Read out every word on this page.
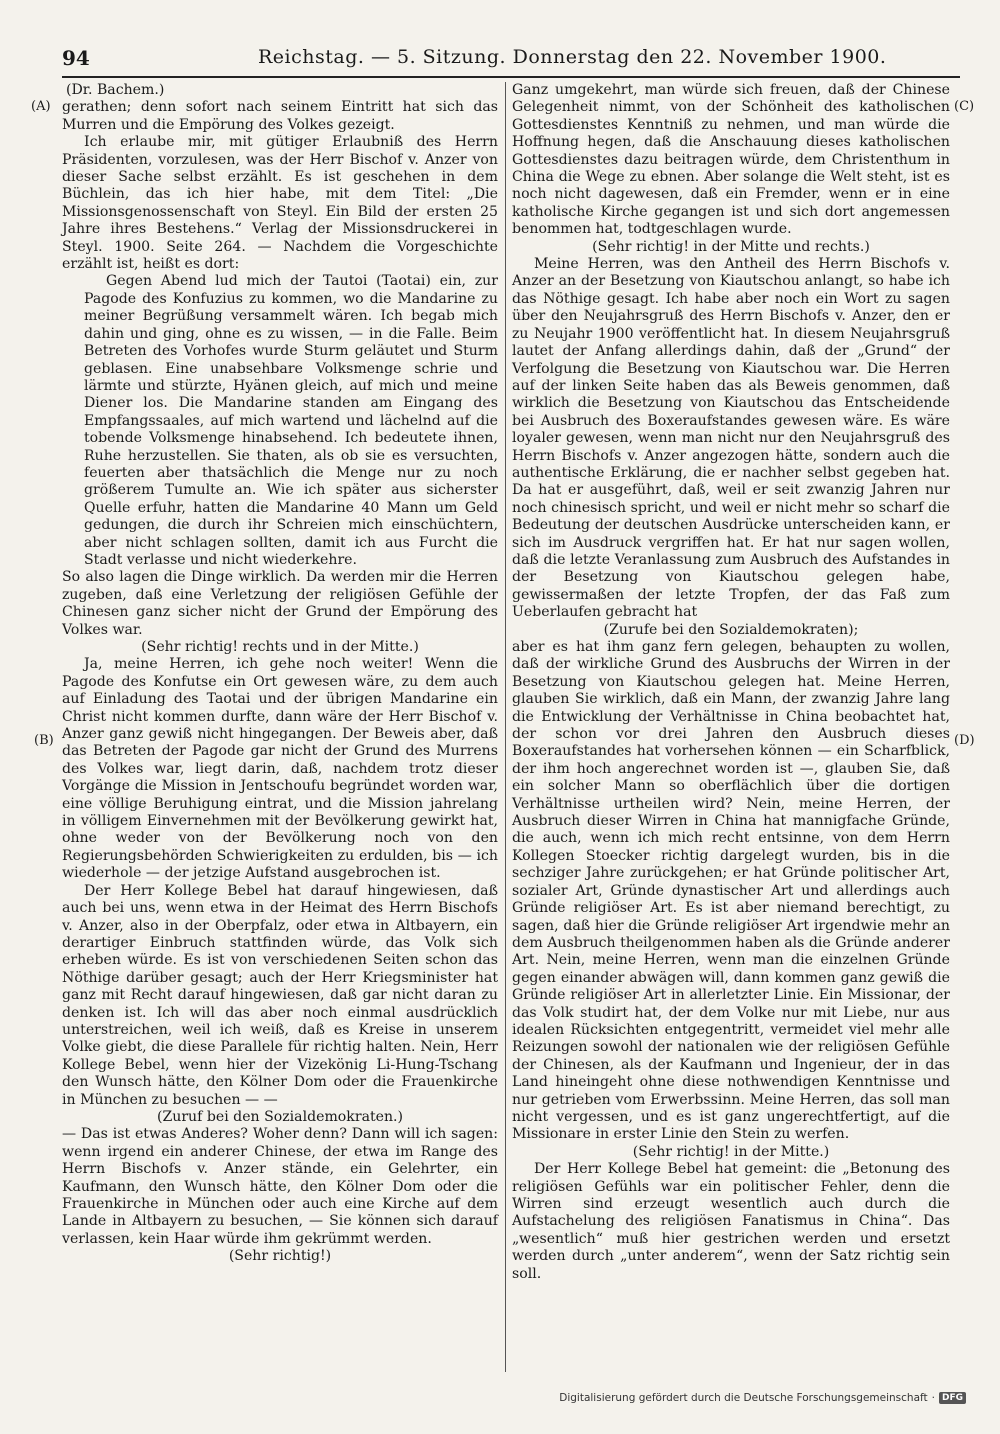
94	Reichstag. — 5. Sitzung. Donnerstag den 22. November 1900.
(A)
(B)
(C)
(D)

(Dr. Bachem.)

gerathen; denn sofort nach seinem Eintritt hat sich das Murren und die Empörung des Volkes gezeigt.

Ich erlaube mir, mit gütiger Erlaubniß des Herrn Präsidenten, vorzulesen, was der Herr Bischof v. Anzer von dieser Sache selbst erzählt. Es ist geschehen in dem Büchlein, das ich hier habe, mit dem Titel: „Die Missionsgenossenschaft von Steyl. Ein Bild der ersten 25 Jahre ihres Bestehens.“ Verlag der Missionsdruckerei in Steyl. 1900. Seite 264. — Nachdem die Vorgeschichte erzählt ist, heißt es dort:

Gegen Abend lud mich der Tautoi (Taotai) ein, zur Pagode des Konfuzius zu kommen, wo die Mandarine zu meiner Begrüßung versammelt wären. Ich begab mich dahin und ging, ohne es zu wissen, — in die Falle. Beim Betreten des Vorhofes wurde Sturm geläutet und Sturm geblasen. Eine unabsehbare Volksmenge schrie und lärmte und stürzte, Hyänen gleich, auf mich und meine Diener los. Die Mandarine standen am Eingang des Empfangssaales, auf mich wartend und lächelnd auf die tobende Volksmenge hinabsehend. Ich bedeutete ihnen, Ruhe herzustellen. Sie thaten, als ob sie es versuchten, feuerten aber thatsächlich die Menge nur zu noch größerem Tumulte an. Wie ich später aus sicherster Quelle erfuhr, hatten die Mandarine 40 Mann um Geld gedungen, die durch ihr Schreien mich einschüchtern, aber nicht schlagen sollten, damit ich aus Furcht die Stadt verlasse und nicht wiederkehre.

So also lagen die Dinge wirklich. Da werden mir die Herren zugeben, daß eine Verletzung der religiösen Gefühle der Chinesen ganz sicher nicht der Grund der Empörung des Volkes war.

(Sehr richtig! rechts und in der Mitte.)

Ja, meine Herren, ich gehe noch weiter! Wenn die Pagode des Konfutse ein Ort gewesen wäre, zu dem auch auf Einladung des Taotai und der übrigen Mandarine ein Christ nicht kommen durfte, dann wäre der Herr Bischof v. Anzer ganz gewiß nicht hingegangen. Der Beweis aber, daß das Betreten der Pagode gar nicht der Grund des Murrens des Volkes war, liegt darin, daß, nachdem trotz dieser Vorgänge die Mission in Jentschoufu begründet worden war, eine völlige Beruhigung eintrat, und die Mission jahrelang in völligem Einvernehmen mit der Bevölkerung gewirkt hat, ohne weder von der Bevölkerung noch von den Regierungsbehörden Schwierigkeiten zu erdulden, bis — ich wiederhole — der jetzige Aufstand ausgebrochen ist.

Der Herr Kollege Bebel hat darauf hingewiesen, daß auch bei uns, wenn etwa in der Heimat des Herrn Bischofs v. Anzer, also in der Oberpfalz, oder etwa in Altbayern, ein derartiger Einbruch stattfinden würde, das Volk sich erheben würde. Es ist von verschiedenen Seiten schon das Nöthige darüber gesagt; auch der Herr Kriegsminister hat ganz mit Recht darauf hingewiesen, daß gar nicht daran zu denken ist. Ich will das aber noch einmal ausdrücklich unterstreichen, weil ich weiß, daß es Kreise in unserem Volke giebt, die diese Parallele für richtig halten. Nein, Herr Kollege Bebel, wenn hier der Vizekönig Li-Hung-Tschang den Wunsch hätte, den Kölner Dom oder die Frauenkirche in München zu besuchen — —

(Zuruf bei den Sozialdemokraten.)

— Das ist etwas Anderes? Woher denn? Dann will ich sagen: wenn irgend ein anderer Chinese, der etwa im Range des Herrn Bischofs v. Anzer stände, ein Gelehrter, ein Kaufmann, den Wunsch hätte, den Kölner Dom oder die Frauenkirche in München oder auch eine Kirche auf dem Lande in Altbayern zu besuchen, — Sie können sich darauf verlassen, kein Haar würde ihm gekrümmt werden.

(Sehr richtig!)

Ganz umgekehrt, man würde sich freuen, daß der Chinese Gelegenheit nimmt, von der Schönheit des katholischen Gottesdienstes Kenntniß zu nehmen, und man würde die Hoffnung hegen, daß die Anschauung dieses katholischen Gottesdienstes dazu beitragen würde, dem Christenthum in China die Wege zu ebnen. Aber solange die Welt steht, ist es noch nicht dagewesen, daß ein Fremder, wenn er in eine katholische Kirche gegangen ist und sich dort angemessen benommen hat, todtgeschlagen wurde.

(Sehr richtig! in der Mitte und rechts.)

Meine Herren, was den Antheil des Herrn Bischofs v. Anzer an der Besetzung von Kiautschou anlangt, so habe ich das Nöthige gesagt. Ich habe aber noch ein Wort zu sagen über den Neujahrsgruß des Herrn Bischofs v. Anzer, den er zu Neujahr 1900 veröffentlicht hat. In diesem Neujahrsgruß lautet der Anfang allerdings dahin, daß der „Grund“ der Verfolgung die Besetzung von Kiautschou war. Die Herren auf der linken Seite haben das als Beweis genommen, daß wirklich die Besetzung von Kiautschou das Entscheidende bei Ausbruch des Boxeraufstandes gewesen wäre. Es wäre loyaler gewesen, wenn man nicht nur den Neujahrsgruß des Herrn Bischofs v. Anzer angezogen hätte, sondern auch die authentische Erklärung, die er nachher selbst gegeben hat. Da hat er ausgeführt, daß, weil er seit zwanzig Jahren nur noch chinesisch spricht, und weil er nicht mehr so scharf die Bedeutung der deutschen Ausdrücke unterscheiden kann, er sich im Ausdruck vergriffen hat. Er hat nur sagen wollen, daß die letzte Veranlassung zum Ausbruch des Aufstandes in der Besetzung von Kiautschou gelegen habe, gewissermaßen der letzte Tropfen, der das Faß zum Ueberlaufen gebracht hat

(Zurufe bei den Sozialdemokraten);

aber es hat ihm ganz fern gelegen, behaupten zu wollen, daß der wirkliche Grund des Ausbruchs der Wirren in der Besetzung von Kiautschou gelegen hat. Meine Herren, glauben Sie wirklich, daß ein Mann, der zwanzig Jahre lang die Entwicklung der Verhältnisse in China beobachtet hat, der schon vor drei Jahren den Ausbruch dieses Boxeraufstandes hat vorhersehen können — ein Scharfblick, der ihm hoch angerechnet worden ist —, glauben Sie, daß ein solcher Mann so oberflächlich über die dortigen Verhältnisse urtheilen wird? Nein, meine Herren, der Ausbruch dieser Wirren in China hat mannigfache Gründe, die auch, wenn ich mich recht entsinne, von dem Herrn Kollegen Stoecker richtig dargelegt wurden, bis in die sechziger Jahre zurückgehen; er hat Gründe politischer Art, sozialer Art, Gründe dynastischer Art und allerdings auch Gründe religiöser Art. Es ist aber niemand berechtigt, zu sagen, daß hier die Gründe religiöser Art irgendwie mehr an dem Ausbruch theilgenommen haben als die Gründe anderer Art. Nein, meine Herren, wenn man die einzelnen Gründe gegen einander abwägen will, dann kommen ganz gewiß die Gründe religiöser Art in allerletzter Linie. Ein Missionar, der das Volk studirt hat, der dem Volke nur mit Liebe, nur aus idealen Rücksichten entgegentritt, vermeidet viel mehr alle Reizungen sowohl der nationalen wie der religiösen Gefühle der Chinesen, als der Kaufmann und Ingenieur, der in das Land hineingeht ohne diese nothwendigen Kenntnisse und nur getrieben vom Erwerbssinn. Meine Herren, das soll man nicht vergessen, und es ist ganz ungerechtfertigt, auf die Missionare in erster Linie den Stein zu werfen.

(Sehr richtig! in der Mitte.)

Der Herr Kollege Bebel hat gemeint: die „Betonung des religiösen Gefühls war ein politischer Fehler, denn die Wirren sind erzeugt wesentlich auch durch die Aufstachelung des religiösen Fanatismus in China“. Das „wesentlich“ muß hier gestrichen werden und ersetzt werden durch „unter anderem“, wenn der Satz richtig sein soll.

Digitalisierung gefördert durch die Deutsche Forschungsgemeinschaft · DFG
